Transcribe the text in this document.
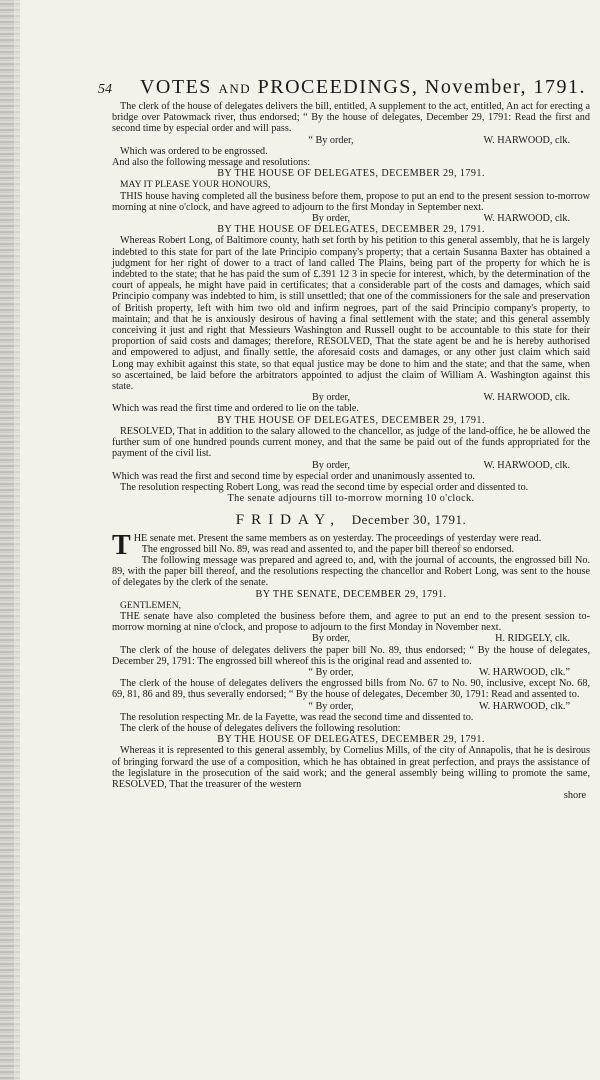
54 VOTES AND PROCEEDINGS, November, 1791.

The clerk of the house of delegates delivers the bill, entitled, A supplement to the act, entitled, An act for erecting a bridge over Patowmack river, thus endorsed; “ By the house of delegates, December 29, 1791: Read the first and second time by especial order and will pass.

“ By order,	W. HARWOOD, clk.

Which was ordered to be engrossed.

And also the following message and resolutions:

BY THE HOUSE OF DELEGATES, DECEMBER 29, 1791.

MAY IT PLEASE YOUR HONOURS,

THIS house having completed all the business before them, propose to put an end to the present session to-morrow morning at nine o'clock, and have agreed to adjourn to the first Monday in September next.

By order,	W. HARWOOD, clk.

BY THE HOUSE OF DELEGATES, DECEMBER 29, 1791.

Whereas Robert Long, of Baltimore county, hath set forth by his petition to this general assembly, that he is largely indebted to this state for part of the late Principio company's property; that a certain Susanna Baxter has obtained a judgment for her right of dower to a tract of land called The Plains, being part of the property for which he is indebted to the state; that he has paid the sum of £.391 12 3 in specie for interest, which, by the determination of the court of appeals, he might have paid in certificates; that a considerable part of the costs and damages, which said Principio company was indebted to him, is still unsettled; that one of the commissioners for the sale and preservation of British property, left with him two old and infirm negroes, part of the said Principio company's property, to maintain; and that he is anxiously desirous of having a final settlement with the state; and this general assembly conceiving it just and right that Messieurs Washington and Russell ought to be accountable to this state for their proportion of said costs and damages; therefore, RESOLVED, That the state agent be and he is hereby authorised and empowered to adjust, and finally settle, the aforesaid costs and damages, or any other just claim which said Long may exhibit against this state, so that equal justice may be done to him and the state; and that the same, when so ascertained, be laid before the arbitrators appointed to adjust the claim of William A. Washington against this state.

By order,	W. HARWOOD, clk.

Which was read the first time and ordered to lie on the table.

BY THE HOUSE OF DELEGATES, DECEMBER 29, 1791.

RESOLVED, That in addition to the salary allowed to the chancellor, as judge of the land-office, he be allowed the further sum of one hundred pounds current money, and that the same be paid out of the funds appropriated for the payment of the civil list.

By order,	W. HARWOOD, clk.

Which was read the first and second time by especial order and unanimously assented to.

The resolution respecting Robert Long, was read the second time by especial order and dissented to.

The senate adjourns till to-morrow morning 10 o'clock.

FRIDAY, December 30, 1791.

T HE senate met. Present the same members as on yesterday. The proceedings of yesterday were read.

The engrossed bill No. 89, was read and assented to, and the paper bill thereof so endorsed.

The following message was prepared and agreed to, and, with the journal of accounts, the engrossed bill No. 89, with the paper bill thereof, and the resolutions respecting the chancellor and Robert Long, was sent to the house of delegates by the clerk of the senate.

BY THE SENATE, DECEMBER 29, 1791.

GENTLEMEN,

THE senate have also completed the business before them, and agree to put an end to the present session to-morrow morning at nine o'clock, and propose to adjourn to the first Monday in November next.

By order,	H. RIDGELY, clk.

The clerk of the house of delegates delivers the paper bill No. 89, thus endorsed; “ By the house of delegates, December 29, 1791: The engrossed bill whereof this is the original read and assented to.

“ By order,	W. HARWOOD, clk.”

The clerk of the house of delegates delivers the engrossed bills from No. 67 to No. 90, inclusive, except No. 68, 69, 81, 86 and 89, thus severally endorsed; “ By the house of delegates, December 30, 1791: Read and assented to.

“ By order,	W. HARWOOD, clk.”

The resolution respecting Mr. de la Fayette, was read the second time and dissented to.

The clerk of the house of delegates delivers the following resolution:

BY THE HOUSE OF DELEGATES, DECEMBER 29, 1791.

Whereas it is represented to this general assembly, by Cornelius Mills, of the city of Annapolis, that he is desirous of bringing forward the use of a composition, which he has obtained in great perfection, and prays the assistance of the legislature in the prosecution of the said work; and the general assembly being willing to promote the same, RESOLVED, That the treasurer of the western

shore
